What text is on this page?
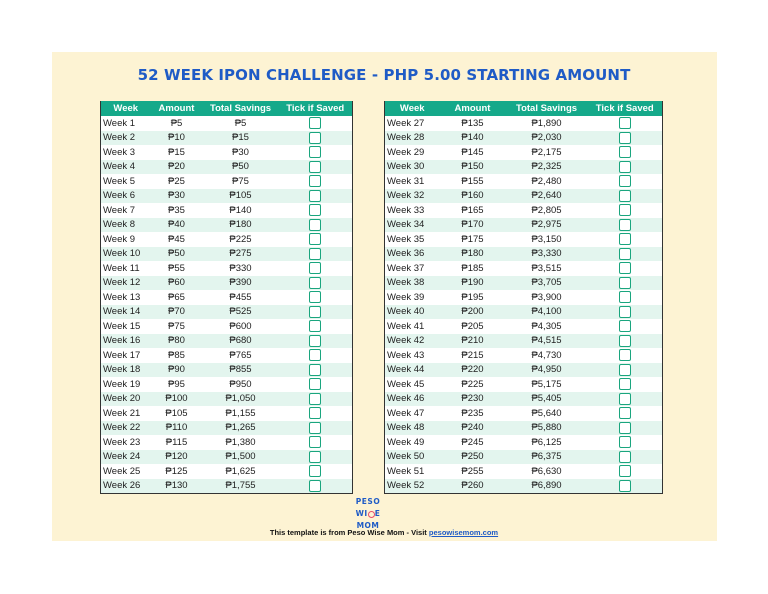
52 WEEK IPON CHALLENGE - PHP 5.00 STARTING AMOUNT
Week	Amount	Total Savings	Tick if Saved
Week 1	₱5	₱5	
Week 2	₱10	₱15	
Week 3	₱15	₱30	
Week 4	₱20	₱50	
Week 5	₱25	₱75	
Week 6	₱30	₱105	
Week 7	₱35	₱140	
Week 8	₱40	₱180	
Week 9	₱45	₱225	
Week 10	₱50	₱275	
Week 11	₱55	₱330	
Week 12	₱60	₱390	
Week 13	₱65	₱455	
Week 14	₱70	₱525	
Week 15	₱75	₱600	
Week 16	₱80	₱680	
Week 17	₱85	₱765	
Week 18	₱90	₱855	
Week 19	₱95	₱950	
Week 20	₱100	₱1,050	
Week 21	₱105	₱1,155	
Week 22	₱110	₱1,265	
Week 23	₱115	₱1,380	
Week 24	₱120	₱1,500	
Week 25	₱125	₱1,625	
Week 26	₱130	₱1,755	
Week	Amount	Total Savings	Tick if Saved
Week 27	₱135	₱1,890	
Week 28	₱140	₱2,030	
Week 29	₱145	₱2,175	
Week 30	₱150	₱2,325	
Week 31	₱155	₱2,480	
Week 32	₱160	₱2,640	
Week 33	₱165	₱2,805	
Week 34	₱170	₱2,975	
Week 35	₱175	₱3,150	
Week 36	₱180	₱3,330	
Week 37	₱185	₱3,515	
Week 38	₱190	₱3,705	
Week 39	₱195	₱3,900	
Week 40	₱200	₱4,100	
Week 41	₱205	₱4,305	
Week 42	₱210	₱4,515	
Week 43	₱215	₱4,730	
Week 44	₱220	₱4,950	
Week 45	₱225	₱5,175	
Week 46	₱230	₱5,405	
Week 47	₱235	₱5,640	
Week 48	₱240	₱5,880	
Week 49	₱245	₱6,125	
Week 50	₱250	₱6,375	
Week 51	₱255	₱6,630	
Week 52	₱260	₱6,890	
PESO
WI E
MOM
This template is from Peso Wise Mom - Visit pesowisemom.com
